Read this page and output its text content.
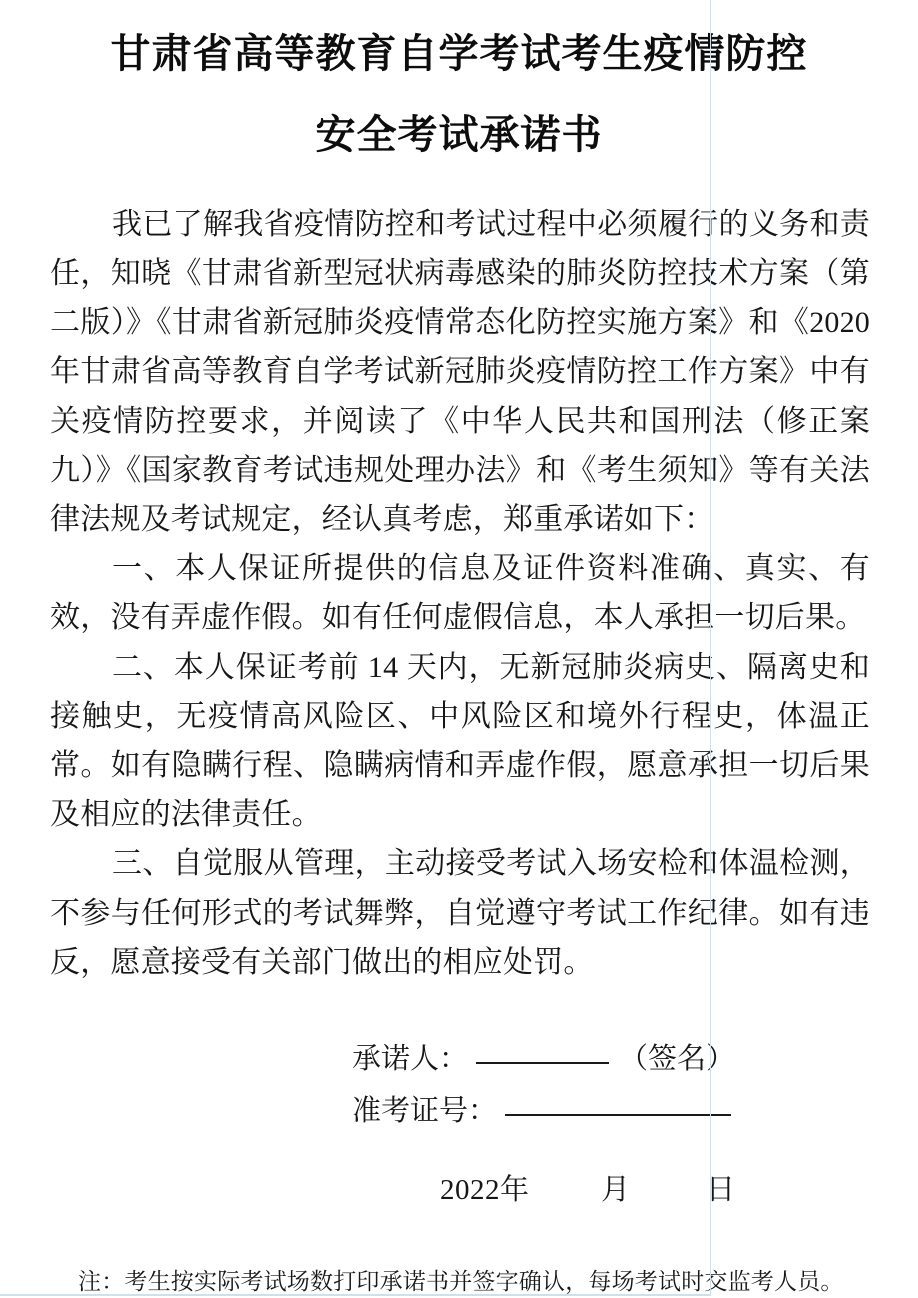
甘肃省高等教育自学考试考生疫情防控
安全考试承诺书

我已了解我省疫情防控和考试过程中必须履行的义务和责任，知晓《甘肃省新型冠状病毒感染的肺炎防控技术方案（第二版）》《甘肃省新冠肺炎疫情常态化防控实施方案》和《2020 年甘肃省高等教育自学考试新冠肺炎疫情防控工作方案》中有关疫情防控要求，并阅读了《中华人民共和国刑法（修正案九）》《国家教育考试违规处理办法》和《考生须知》等有关法律法规及考试规定，经认真考虑，郑重承诺如下：

一、本人保证所提供的信息及证件资料准确、真实、有效，没有弄虚作假。如有任何虚假信息，本人承担一切后果。

二、本人保证考前 14 天内，无新冠肺炎病史、隔离史和接触史，无疫情高风险区、中风险区和境外行程史，体温正常。如有隐瞒行程、隐瞒病情和弄虚作假，愿意承担一切后果及相应的法律责任。

三、自觉服从管理，主动接受考试入场安检和体温检测，不参与任何形式的考试舞弊，自觉遵守考试工作纪律。如有违反，愿意接受有关部门做出的相应处罚。

承诺人：	（签名）
准考证号：
2022年 月	日
注：考生按实际考试场数打印承诺书并签字确认，每场考试时交监考人员。
